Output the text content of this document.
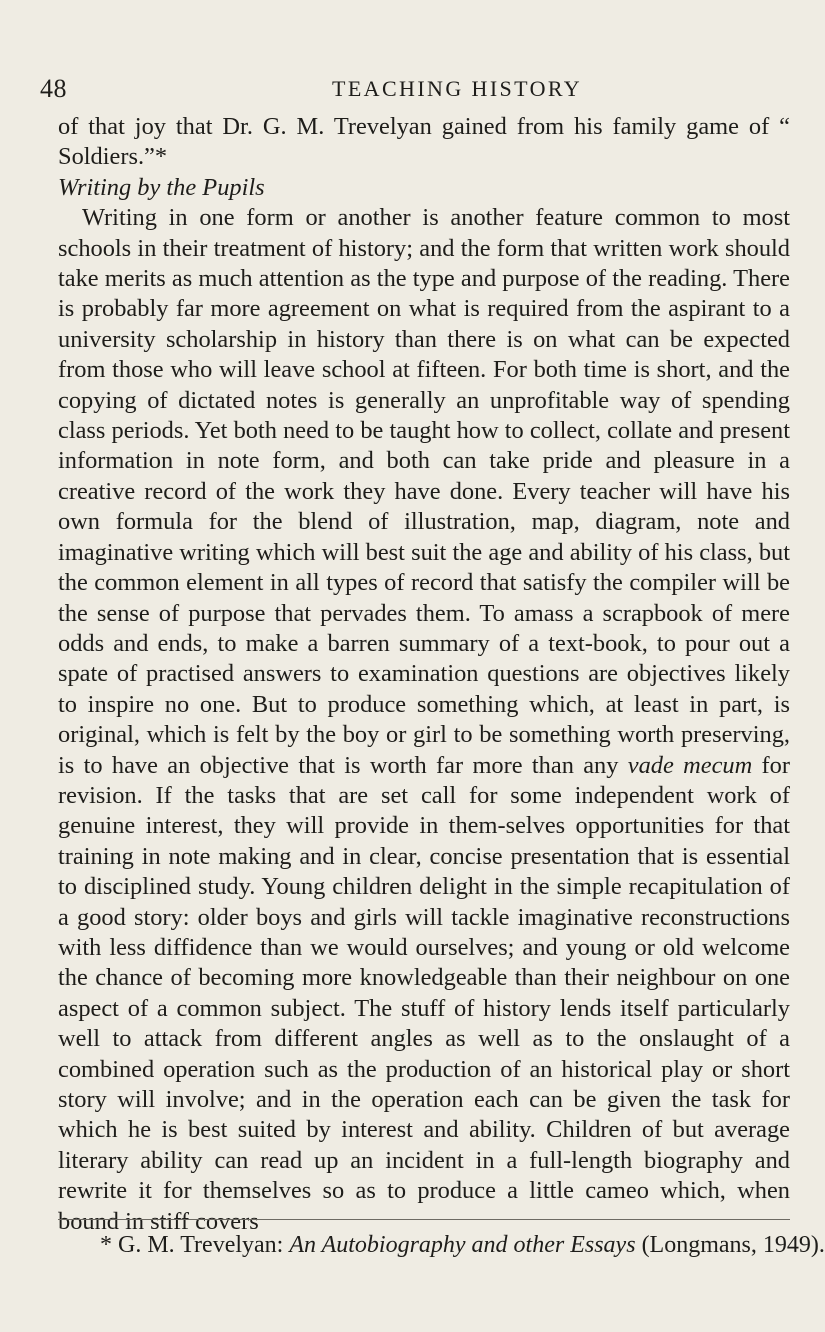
48	TEACHING HISTORY

of that joy that Dr. G. M. Trevelyan gained from his family game of “ Soldiers.”*

Writing by the Pupils

Writing in one form or another is another feature common to most schools in their treatment of history; and the form that written work should take merits as much attention as the type and purpose of the reading. There is probably far more agreement on what is required from the aspirant to a university scholarship in history than there is on what can be expected from those who will leave school at fifteen. For both time is short, and the copying of dictated notes is generally an unprofitable way of spending class periods. Yet both need to be taught how to collect, collate and present information in note form, and both can take pride and pleasure in a creative record of the work they have done. Every teacher will have his own formula for the blend of illustration, map, diagram, note and imaginative writing which will best suit the age and ability of his class, but the common element in all types of record that satisfy the compiler will be the sense of purpose that pervades them. To amass a scrapbook of mere odds and ends, to make a barren summary of a text-book, to pour out a spate of practised answers to examination questions are objectives likely to inspire no one. But to produce something which, at least in part, is original, which is felt by the boy or girl to be something worth preserving, is to have an objective that is worth far more than any vade mecum for revision. If the tasks that are set call for some independent work of genuine interest, they will provide in them-selves opportunities for that training in note making and in clear, concise presentation that is essential to disciplined study. Young children delight in the simple recapitulation of a good story: older boys and girls will tackle imaginative reconstructions with less diffidence than we would ourselves; and young or old welcome the chance of becoming more knowledgeable than their neighbour on one aspect of a common subject. The stuff of history lends itself particularly well to attack from different angles as well as to the onslaught of a combined operation such as the production of an historical play or short story will involve; and in the operation each can be given the task for which he is best suited by interest and ability. Children of but average literary ability can read up an incident in a full-length biography and rewrite it for themselves so as to produce a little cameo which, when bound in stiff covers

* G. M. Trevelyan: An Autobiography and other Essays (Longmans, 1949).
